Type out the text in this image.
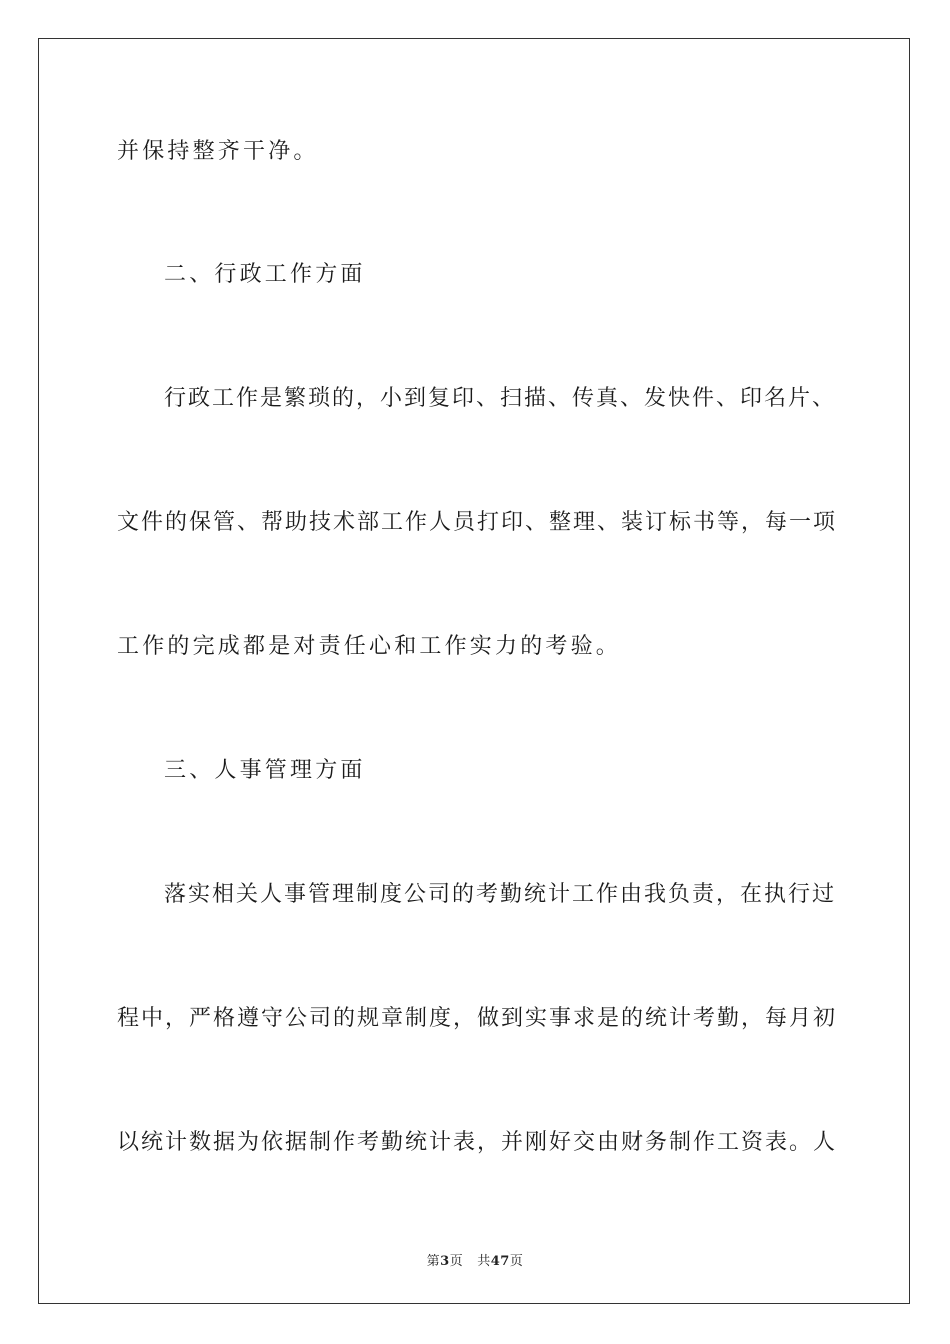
并保持整齐干净。
二、行政工作方面
行政工作是繁琐的，小到复印、扫描、传真、发快件、印名片、
文件的保管、帮助技术部工作人员打印、整理、装订标书等，每一项
工作的完成都是对责任心和工作实力的考验。
三、人事管理方面
落实相关人事管理制度公司的考勤统计工作由我负责，在执行过
程中，严格遵守公司的规章制度，做到实事求是的统计考勤，每月初
以统计数据为依据制作考勤统计表，并刚好交由财务制作工资表。人
第3页 共47页
